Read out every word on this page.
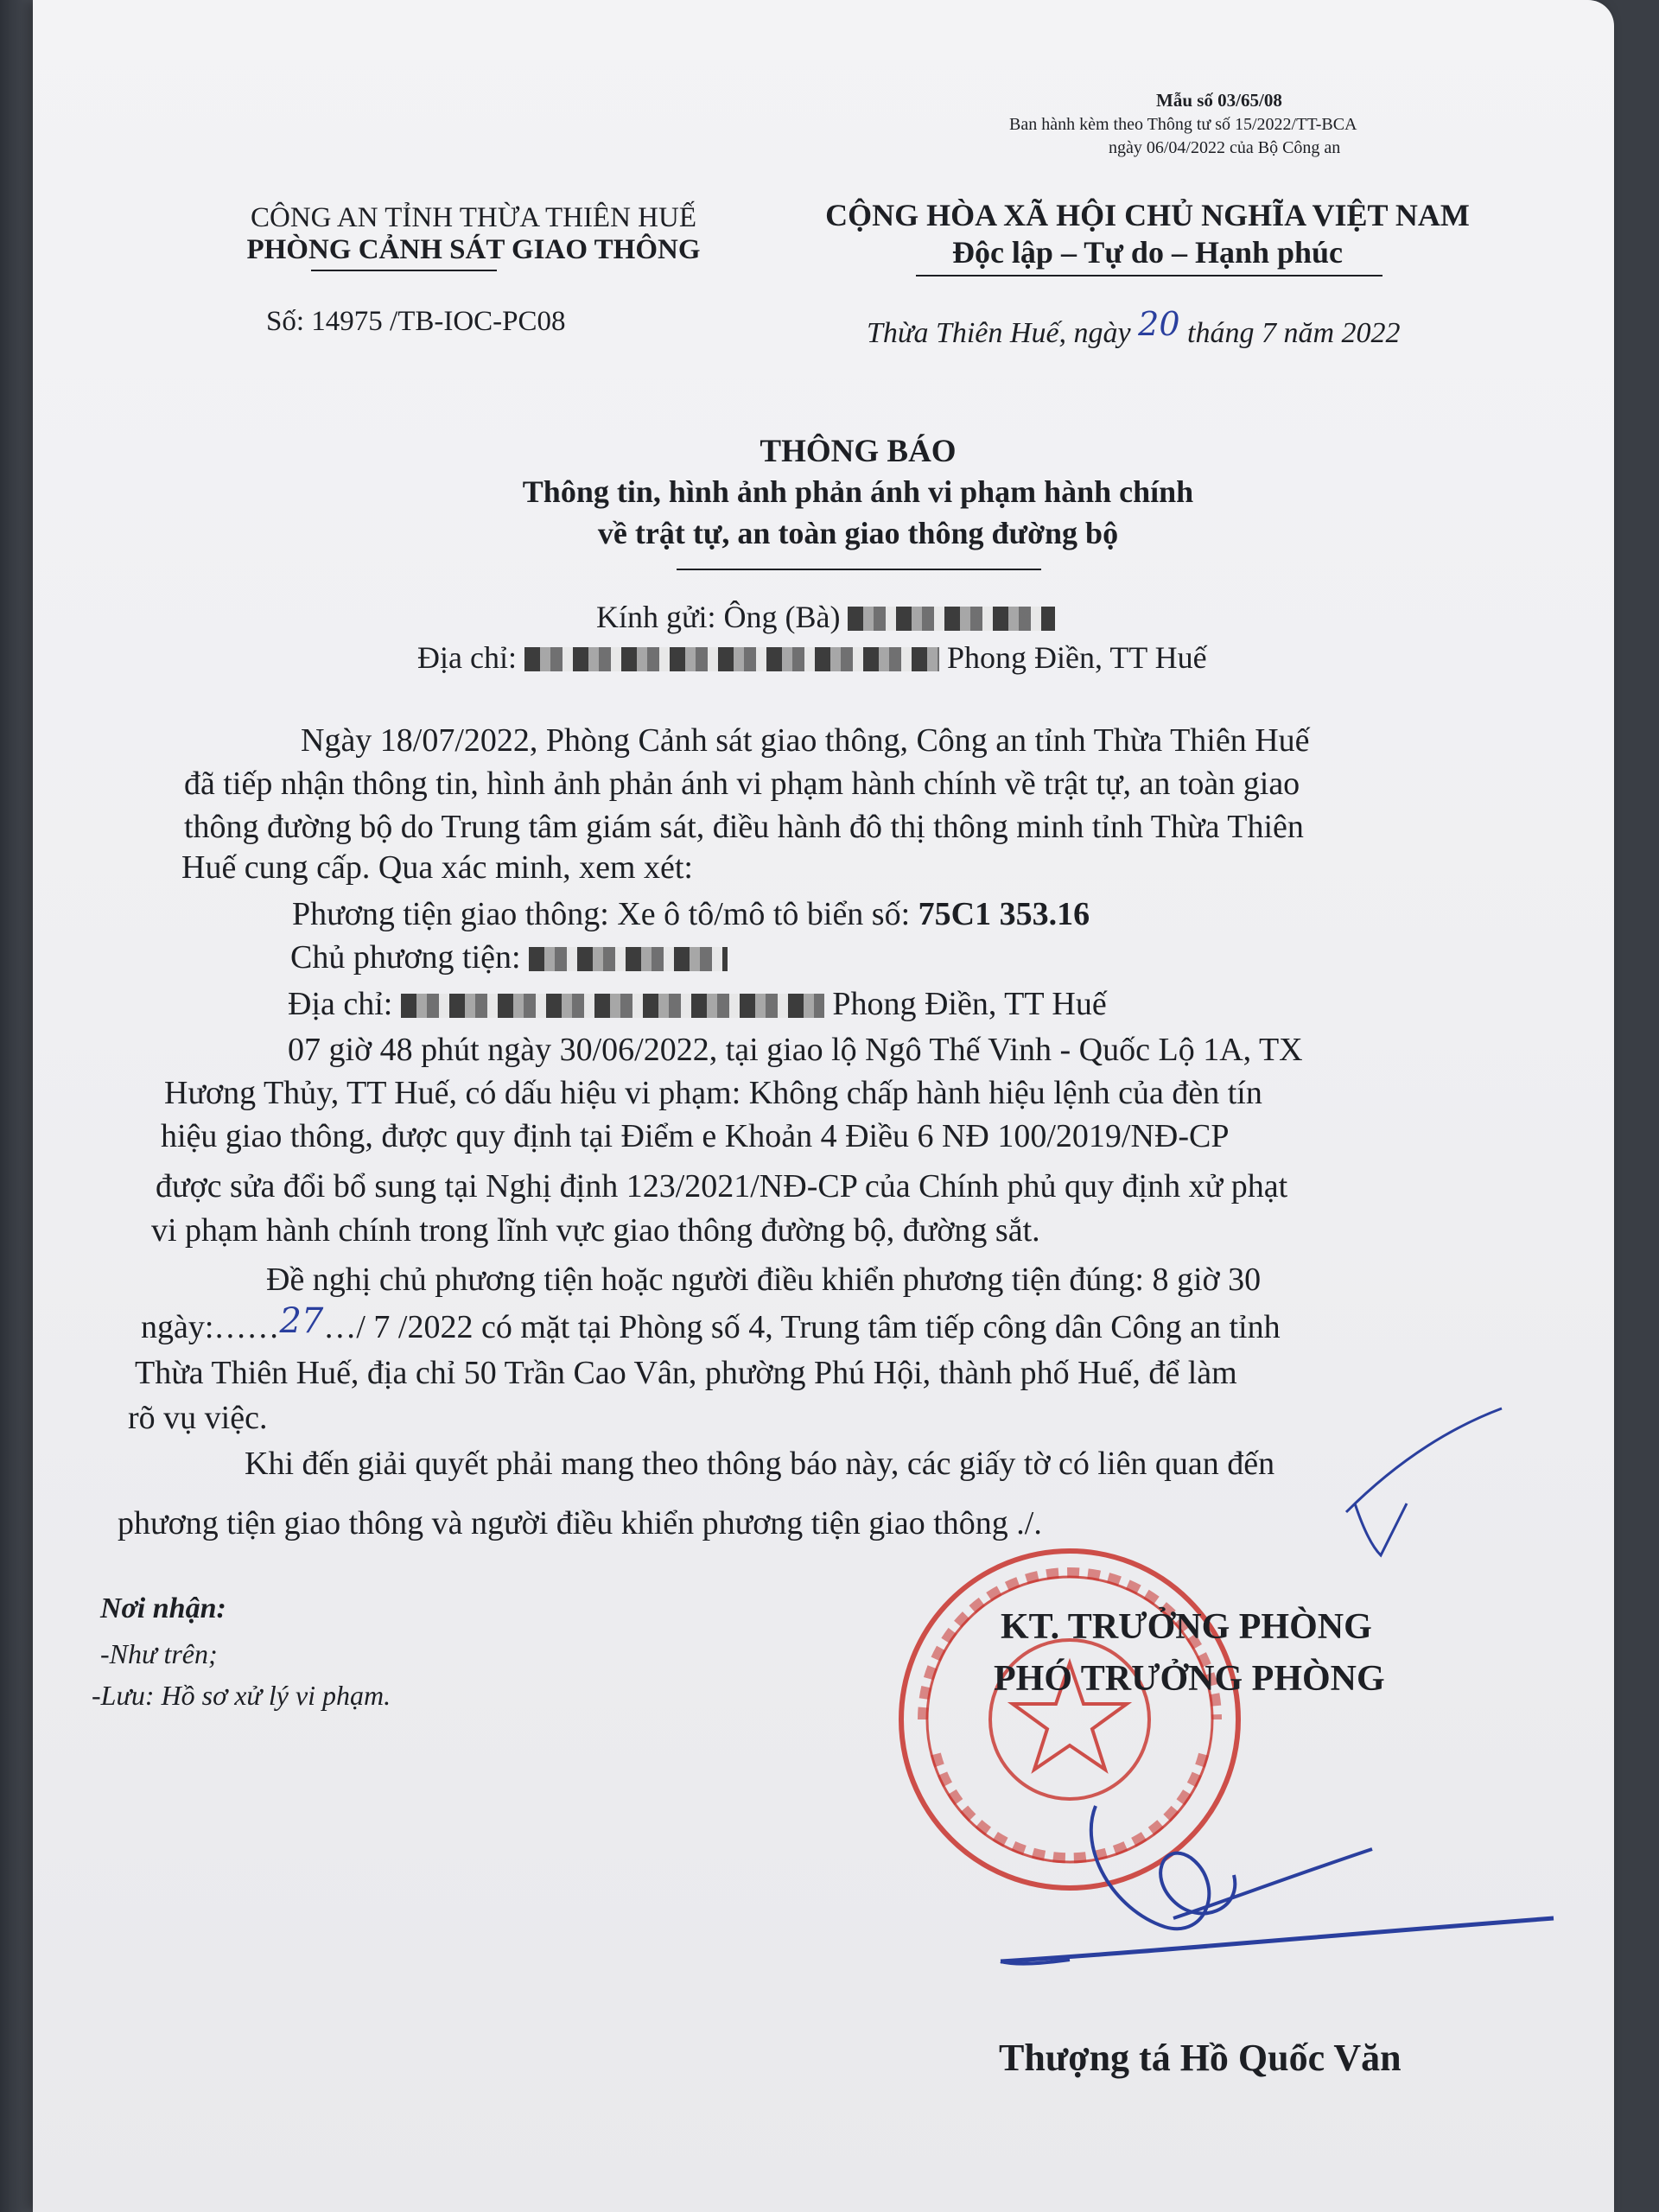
Mẫu số 03/65/08
Ban hành kèm theo Thông tư số 15/2022/TT-BCA
ngày 06/04/2022 của Bộ Công an
CÔNG AN TỈNH THỪA THIÊN HUẾ
PHÒNG CẢNH SÁT GIAO THÔNG
CỘNG HÒA XÃ HỘI CHỦ NGHĨA VIỆT NAM
Độc lập – Tự do – Hạnh phúc
Số: 14975 /TB-IOC-PC08	Thừa Thiên Huế, ngày 20 tháng 7 năm 2022
THÔNG BÁO
Thông tin, hình ảnh phản ánh vi phạm hành chính
về trật tự, an toàn giao thông đường bộ
Kính gửi: Ông (Bà)
Địa chỉ:	Phong Điền, TT Huế
Ngày 18/07/2022, Phòng Cảnh sát giao thông, Công an tỉnh Thừa Thiên Huế
đã tiếp nhận thông tin, hình ảnh phản ánh vi phạm hành chính về trật tự, an toàn giao
thông đường bộ do Trung tâm giám sát, điều hành đô thị thông minh tỉnh Thừa Thiên
Huế cung cấp. Qua xác minh, xem xét:
Phương tiện giao thông: Xe ô tô/mô tô biển số: 75C1 353.16
Chủ phương tiện:
Địa chỉ:	Phong Điền, TT Huế
07 giờ 48 phút ngày 30/06/2022, tại giao lộ Ngô Thế Vinh - Quốc Lộ 1A, TX
Hương Thủy, TT Huế, có dấu hiệu vi phạm: Không chấp hành hiệu lệnh của đèn tín
hiệu giao thông, được quy định tại Điểm e Khoản 4 Điều 6 NĐ 100/2019/NĐ-CP
được sửa đổi bổ sung tại Nghị định 123/2021/NĐ-CP của Chính phủ quy định xử phạt
vi phạm hành chính trong lĩnh vực giao thông đường bộ, đường sắt.
Đề nghị chủ phương tiện hoặc người điều khiển phương tiện đúng: 8 giờ 30
ngày:……27…/ 7 /2022 có mặt tại Phòng số 4, Trung tâm tiếp công dân Công an tỉnh
Thừa Thiên Huế, địa chỉ 50 Trần Cao Vân, phường Phú Hội, thành phố Huế, để làm
rõ vụ việc.
Khi đến giải quyết phải mang theo thông báo này, các giấy tờ có liên quan đến
phương tiện giao thông và người điều khiển phương tiện giao thông ./.
Nơi nhận:
-Như trên;
-Lưu: Hồ sơ xử lý vi phạm.
KT. TRƯỞNG PHÒNG
PHÓ TRƯỞNG PHÒNG
Thượng tá Hồ Quốc Văn
